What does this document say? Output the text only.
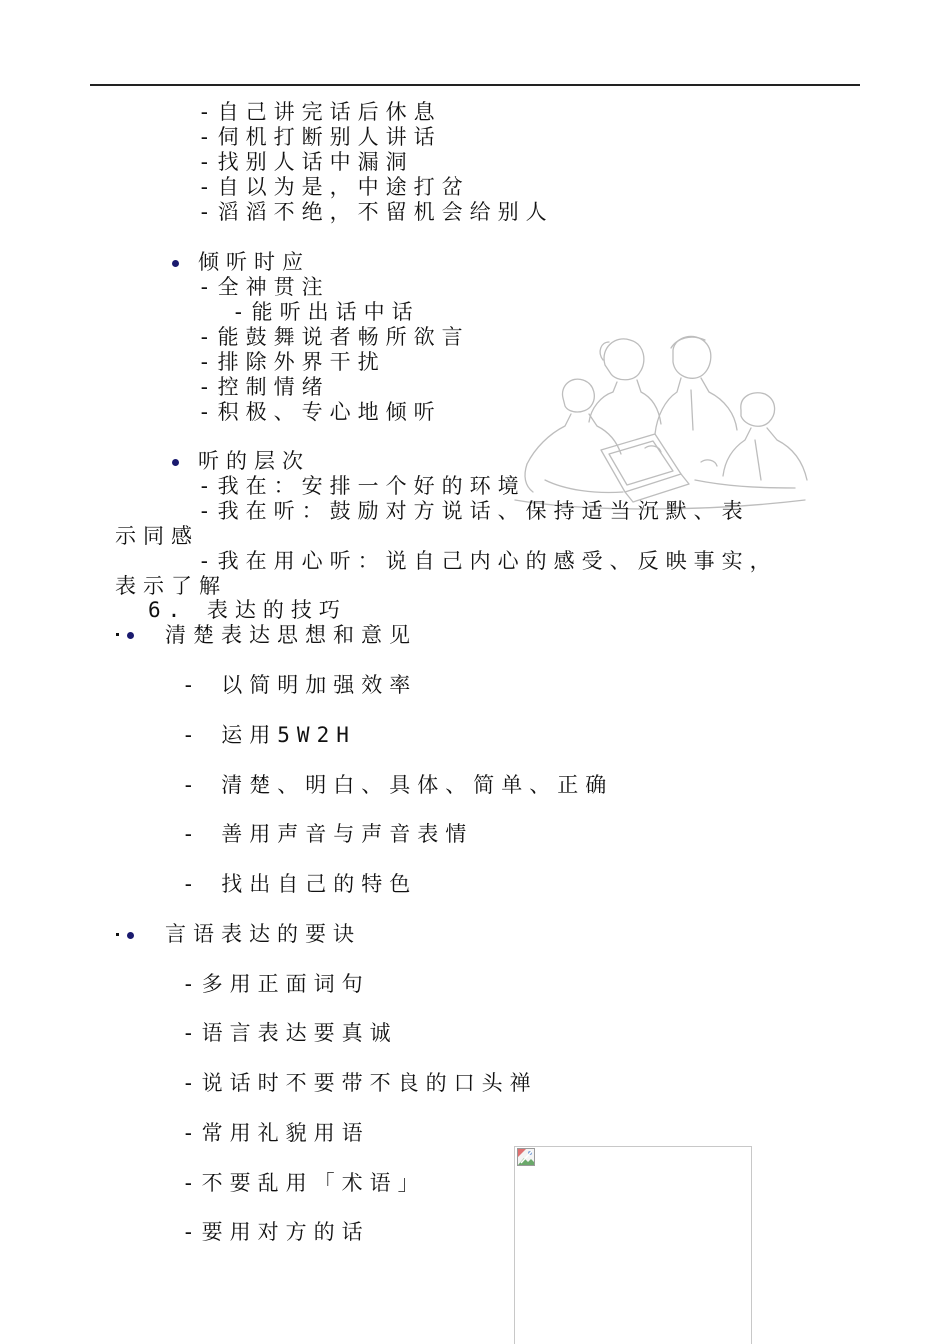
-自己讲完话后休息
-伺机打断别人讲话
-找别人话中漏洞
-自以为是，中途打岔
-滔滔不绝，不留机会给别人
倾听时应
-全神贯注
-能听出话中话
-能鼓舞说者畅所欲言
-排除外界干扰
-控制情绪
-积极、专心地倾听
听的层次
-我在：安排一个好的环境
-我在听：鼓励对方说话、保持适当沉默、表
示同感
-我在用心听：说自己内心的感受、反映事实，
表示了解
6. 表达的技巧
清楚表达思想和意见
- 以简明加强效率
- 运用5W2H
- 清楚、明白、具体、简单、正确
- 善用声音与声音表情
- 找出自己的特色
言语表达的要诀
-多用正面词句
-语言表达要真诚
-说话时不要带不良的口头禅
-常用礼貌用语
-不要乱用「术语」
-要用对方的话
